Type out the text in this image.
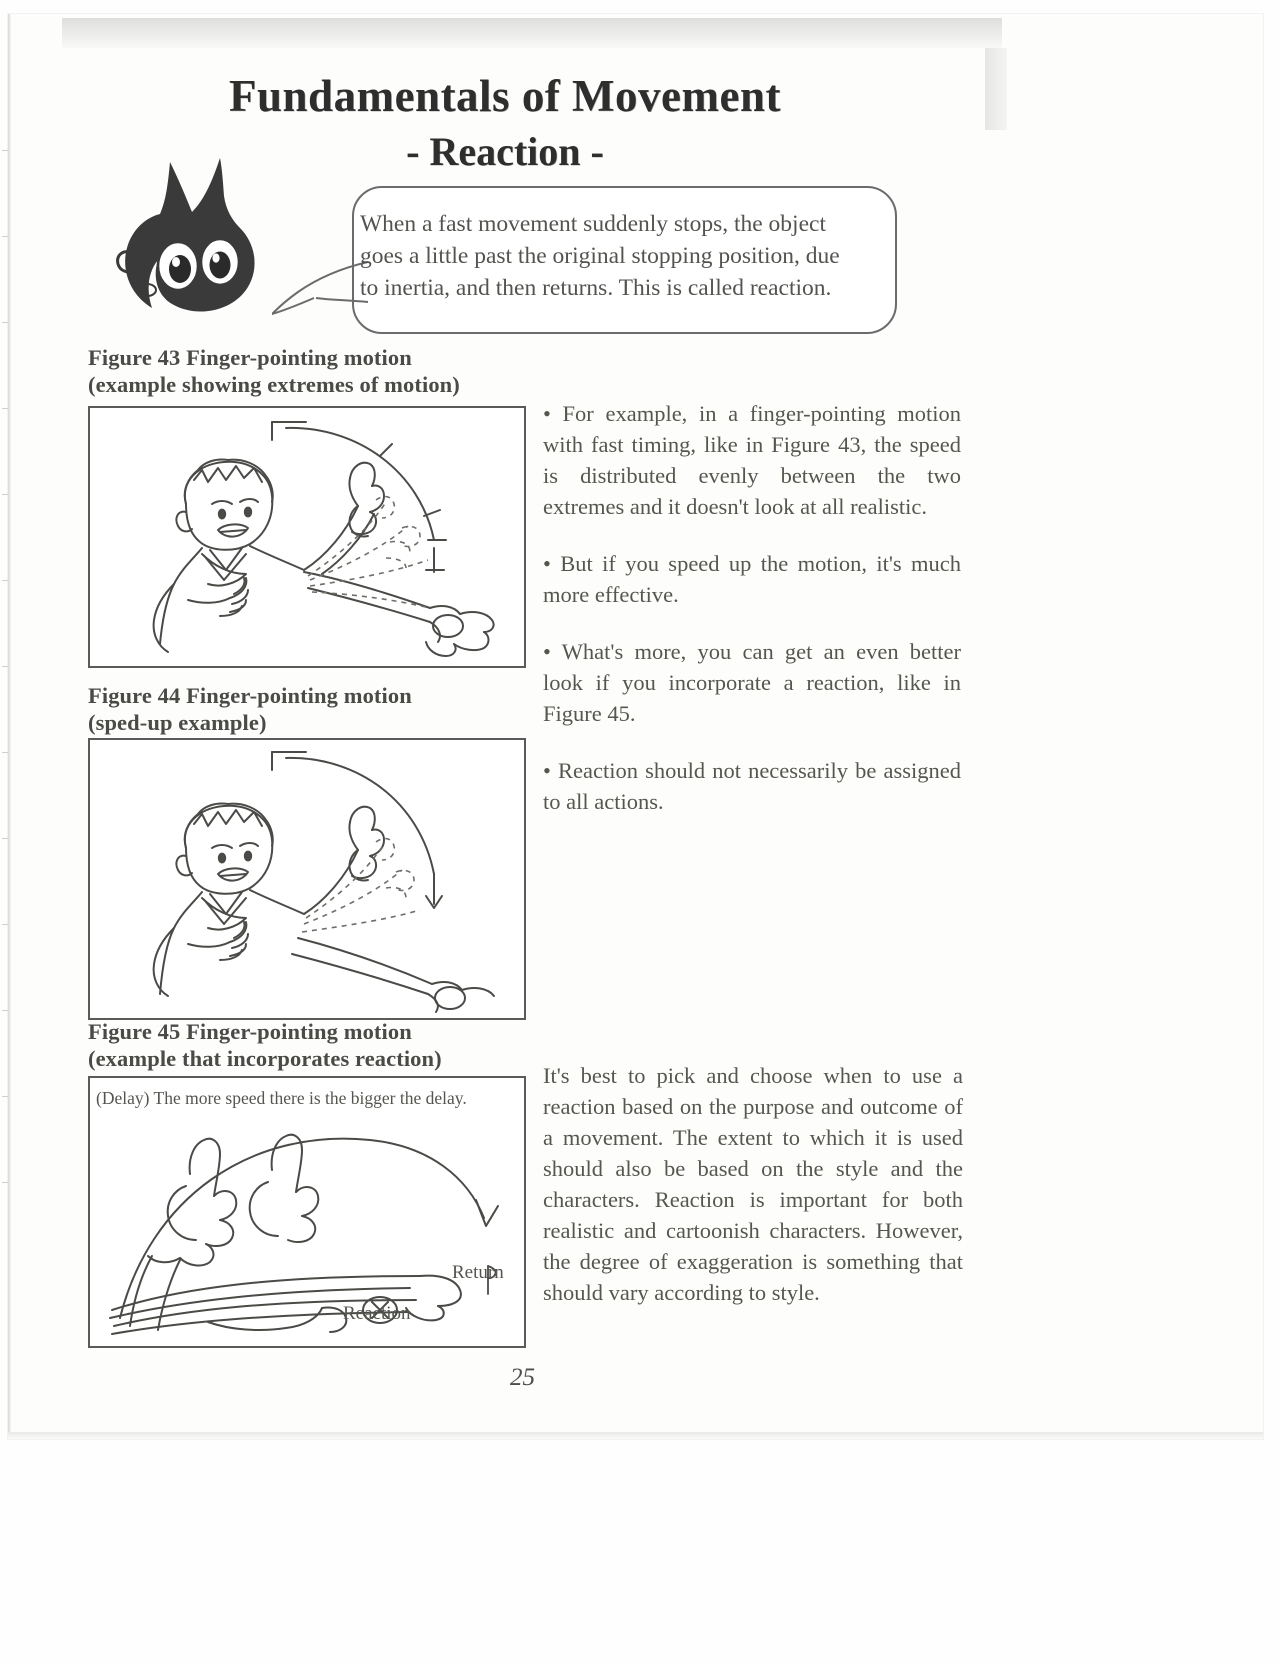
Fundamentals of Movement
- Reaction -

When a fast movement suddenly stops, the object

goes a little past the original stopping position, due

to inertia, and then returns. This is called reaction.

Figure 43 Finger-pointing motion
(example showing extremes of motion)
Figure 44 Finger-pointing motion
(sped-up example)
Figure 45 Finger-pointing motion
(example that incorporates reaction)
(Delay) The more speed there is the bigger the delay.
Return
Reaction

• For example, in a finger-pointing motion with fast timing, like in Figure 43, the speed is distributed evenly between the two extremes and it doesn't look at all realistic.

• But if you speed up the motion, it's much more effective.

• What's more, you can get an even better look if you incorporate a reaction, like in Figure 45.

• Reaction should not necessarily be assigned to all actions.

It's best to pick and choose when to use a reaction based on the purpose and outcome of a movement. The extent to which it is used should also be based on the style and the characters. Reaction is important for both realistic and cartoonish characters. However, the degree of exaggeration is something that should vary according to style.
25
